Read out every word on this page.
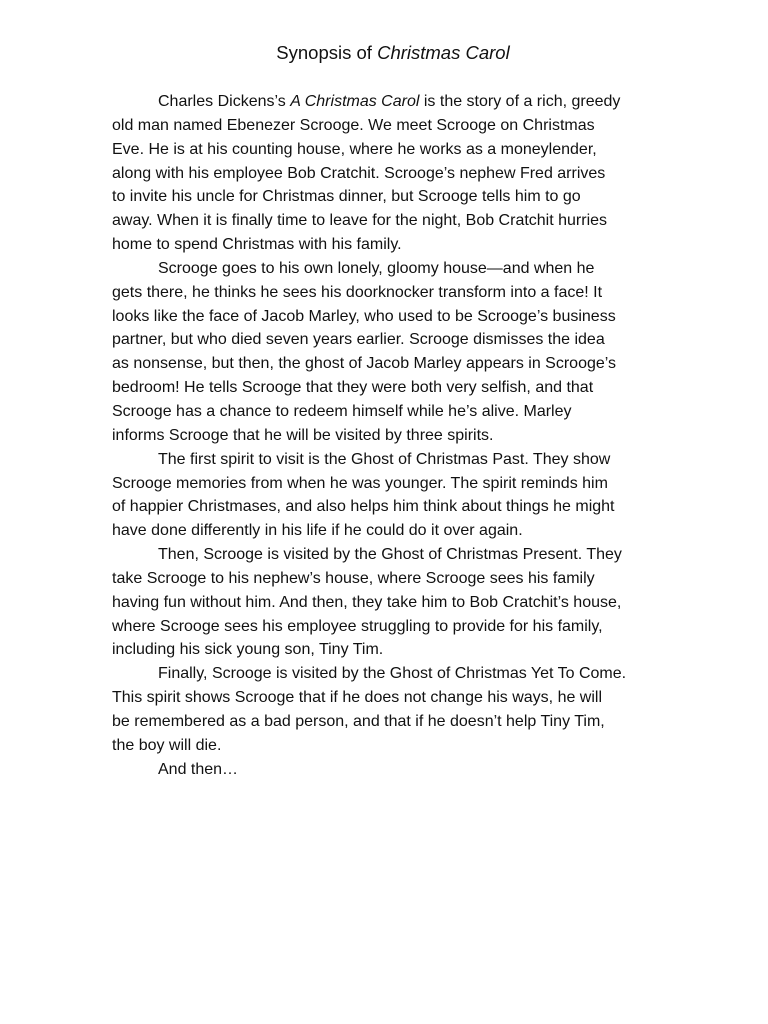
Synopsis of Christmas Carol

Charles Dickens’s A Christmas Carol is the story of a rich, greedy
old man named Ebenezer Scrooge. We meet Scrooge on Christmas
Eve. He is at his counting house, where he works as a moneylender,
along with his employee Bob Cratchit. Scrooge’s nephew Fred arrives
to invite his uncle for Christmas dinner, but Scrooge tells him to go
away. When it is finally time to leave for the night, Bob Cratchit hurries
home to spend Christmas with his family.

Scrooge goes to his own lonely, gloomy house—and when he
gets there, he thinks he sees his doorknocker transform into a face! It
looks like the face of Jacob Marley, who used to be Scrooge’s business
partner, but who died seven years earlier. Scrooge dismisses the idea
as nonsense, but then, the ghost of Jacob Marley appears in Scrooge’s
bedroom! He tells Scrooge that they were both very selfish, and that
Scrooge has a chance to redeem himself while he’s alive. Marley
informs Scrooge that he will be visited by three spirits.

The first spirit to visit is the Ghost of Christmas Past. They show
Scrooge memories from when he was younger. The spirit reminds him
of happier Christmases, and also helps him think about things he might
have done differently in his life if he could do it over again.

Then, Scrooge is visited by the Ghost of Christmas Present. They
take Scrooge to his nephew’s house, where Scrooge sees his family
having fun without him. And then, they take him to Bob Cratchit’s house,
where Scrooge sees his employee struggling to provide for his family,
including his sick young son, Tiny Tim.

Finally, Scrooge is visited by the Ghost of Christmas Yet To Come.
This spirit shows Scrooge that if he does not change his ways, he will
be remembered as a bad person, and that if he doesn’t help Tiny Tim,
the boy will die.

And then…
